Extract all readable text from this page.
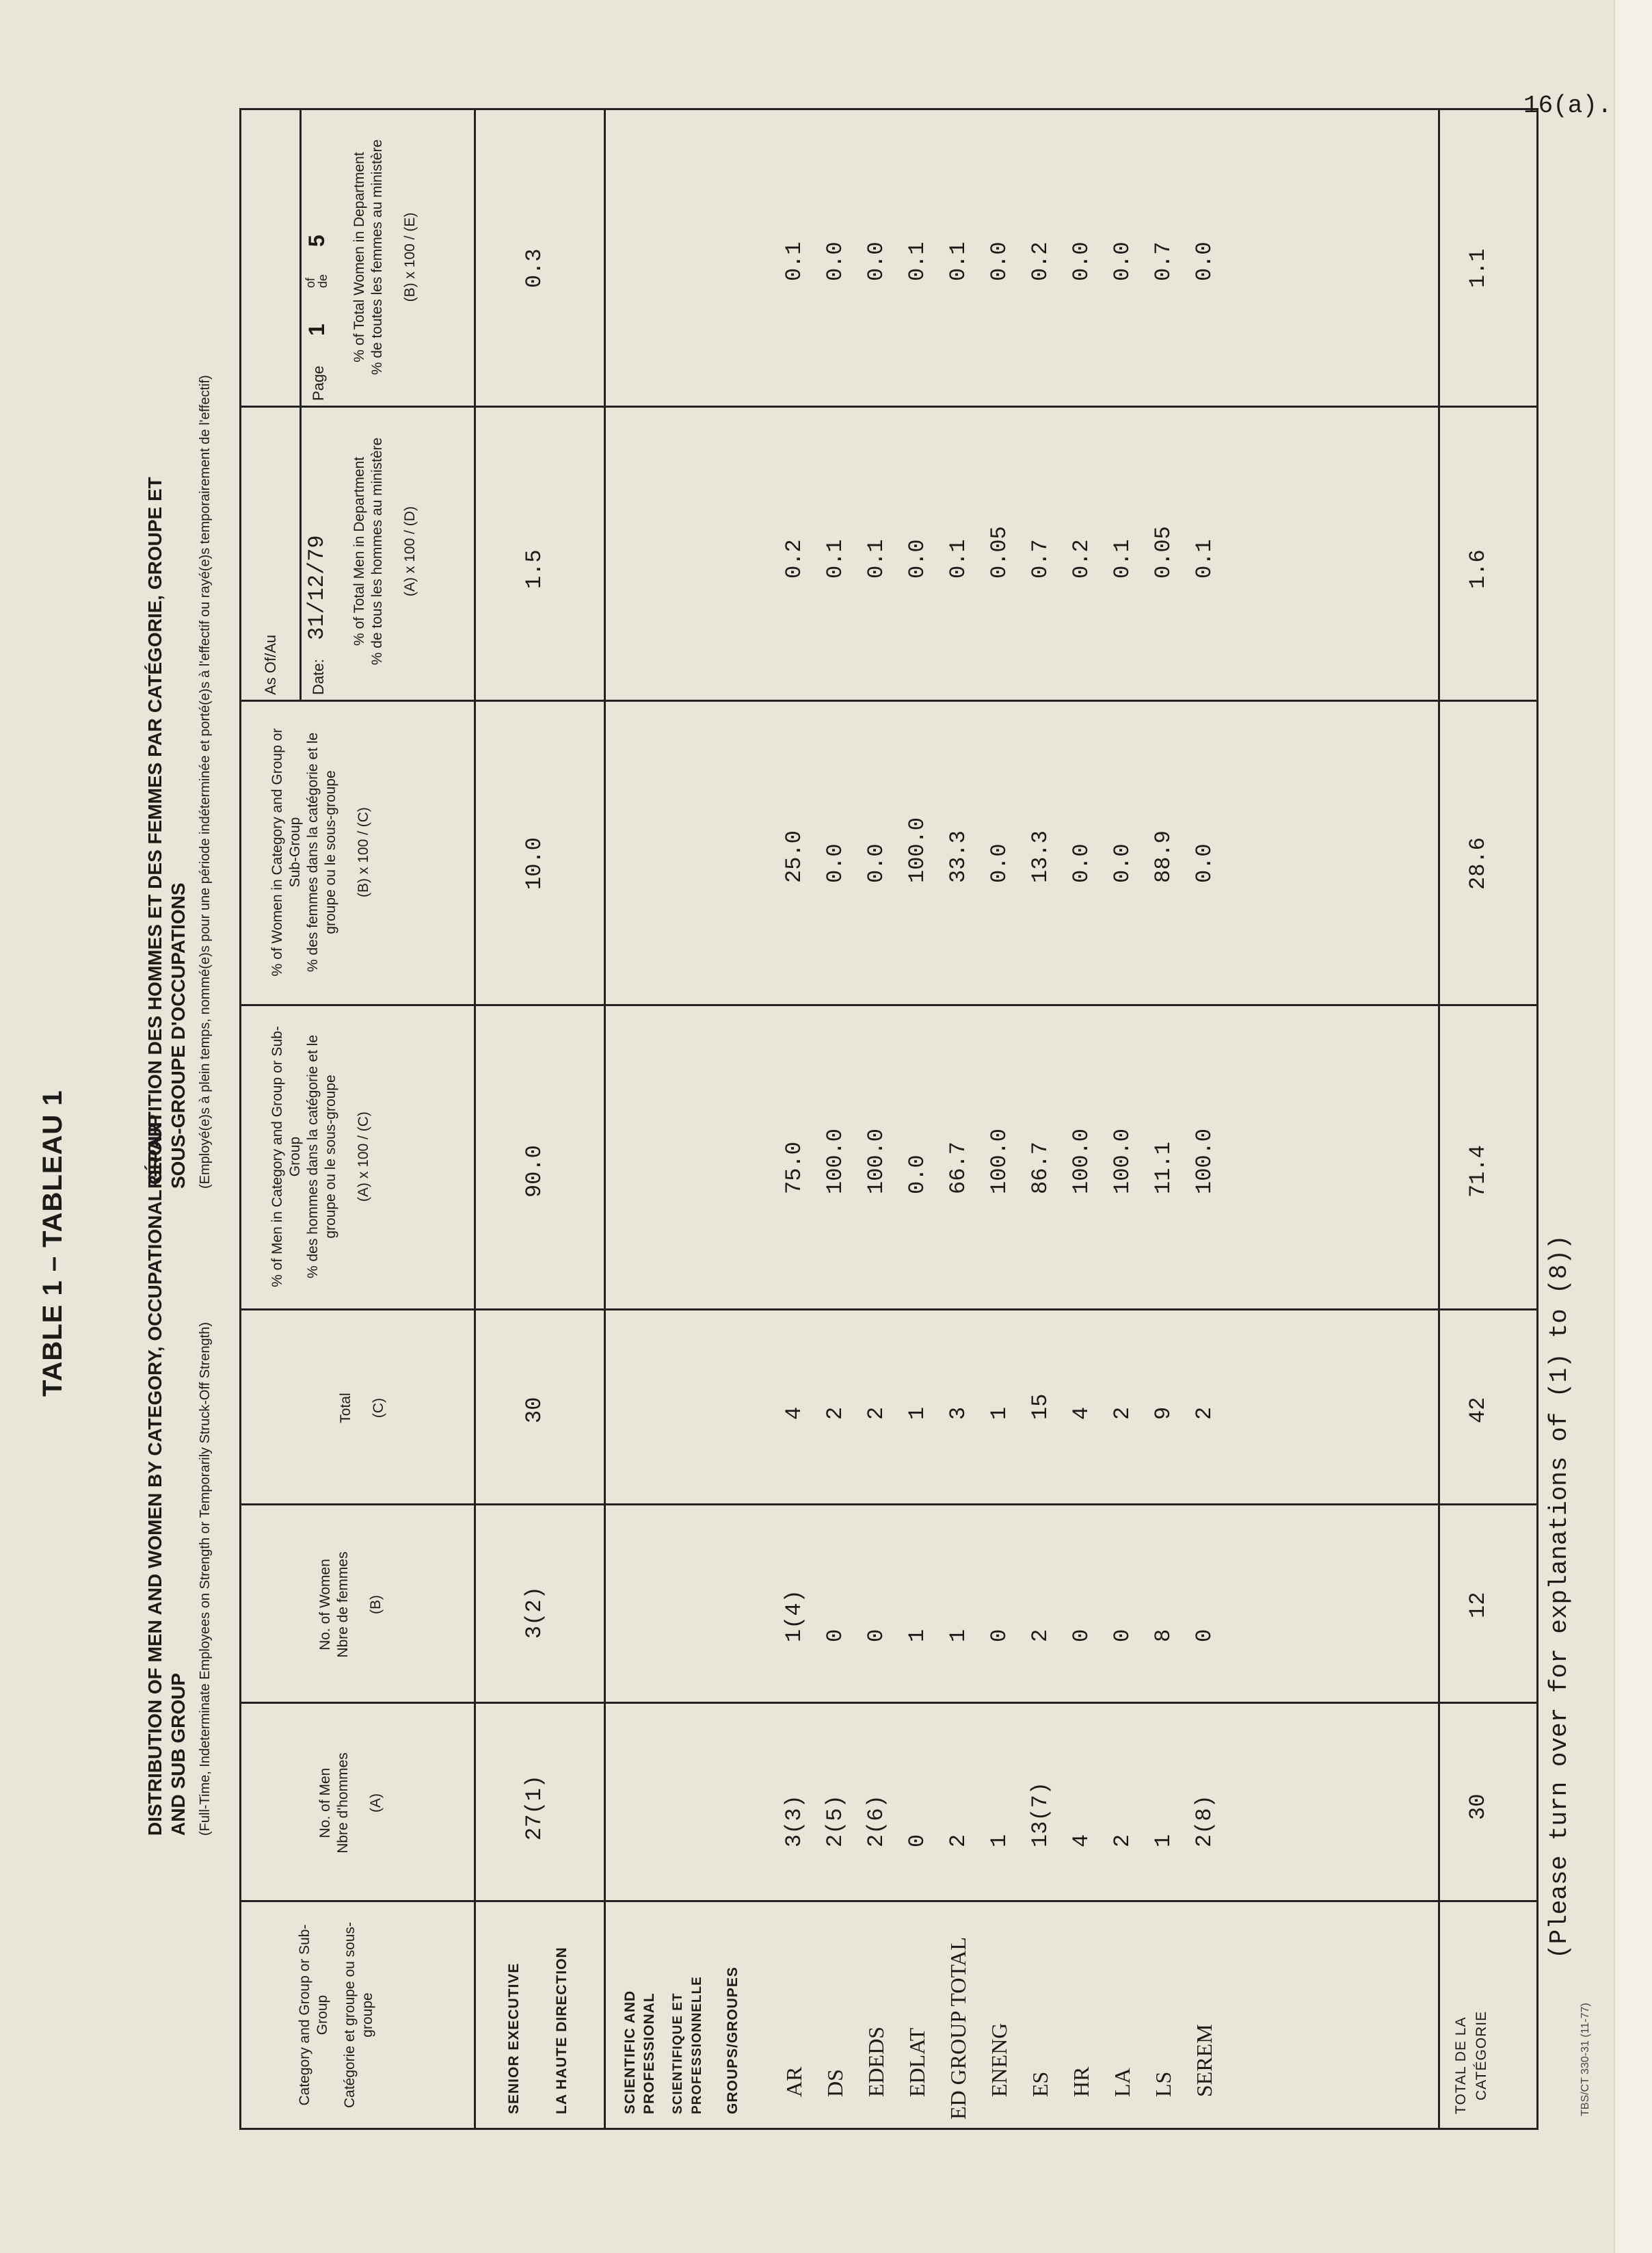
16(a).
TABLE 1 – TABLEAU 1	DISTRIBUTION OF MEN AND WOMEN BY CATEGORY, OCCUPATIONAL GROUP AND SUB GROUP (Full-Time, Indeterminate Employees on Strength or Temporarily Struck-Off Strength)
RÉPARTITION DES HOMMES ET DES FEMMES PAR CATÉGORIE, GROUPE ET SOUS-GROUPE D'OCCUPATIONS (Employé(e)s à plein temps, nommé(e)s pour une période indéterminée et porté(e)s à l'effectif ou rayé(e)s temporairement de l'effectif)
Category and Group or Sub-Group Catégorie et groupe ou sous-groupe
No. of Men Nbre d'hommes (A)
No. of Women Nbre de femmes (B)
Total (C)
% of Men in Category and Group or Sub-Group % des hommes dans la catégorie et le groupe ou le sous-groupe (A) x 100 / (C)
% of Women in Category and Group or Sub-Group % des femmes dans la catégorie et le groupe ou le sous-groupe (B) x 100 / (C)
As Of/Au Date:
31/12/79
Page
1
of de
5
% of Total Men in Department % de tous les hommes au ministère (A) x 100 / (D)
% of Total Women in Department % de toutes les femmes au ministère (B) x 100 / (E)
SENIOR EXECUTIVE LA HAUTE DIRECTION
27(1)
3(2)
30
90.0
10.0
1.5
0.3
SCIENTIFIC AND PROFESSIONAL SCIENTIFIQUE ET PROFESSIONNELLE GROUPS/GROUPES AR
3(3)
1(4)
4
75.0
25.0
0.2
0.1
DS
2(5)
0
2
100.0
0.0
0.1
0.0
EDEDS
2(6)
0
2
100.0
0.0
0.1
0.0
EDLAT
0
1
1
0.0
100.0
0.0
0.1
ED GROUP TOTAL
2
1
3
66.7
33.3
0.1
0.1
ENENG
1
0
1
100.0
0.0
0.05
0.0
ES
13(7)
2
15
86.7
13.3
0.7
0.2
HR
4
0
4
100.0
0.0
0.2
0.0
LA
2
0
2
100.0
0.0
0.1
0.0
LS
1
8
9
11.1
88.9
0.05
0.7
SEREM
2(8)
0
2
100.0
0.0
0.1
0.0
TOTAL DE LA CATÉGORIE
30
12
42
71.4
28.6
1.6
1.1
(Please turn over for explanations of (1) to (8))
TBS/CT 330-31 (11-77)
